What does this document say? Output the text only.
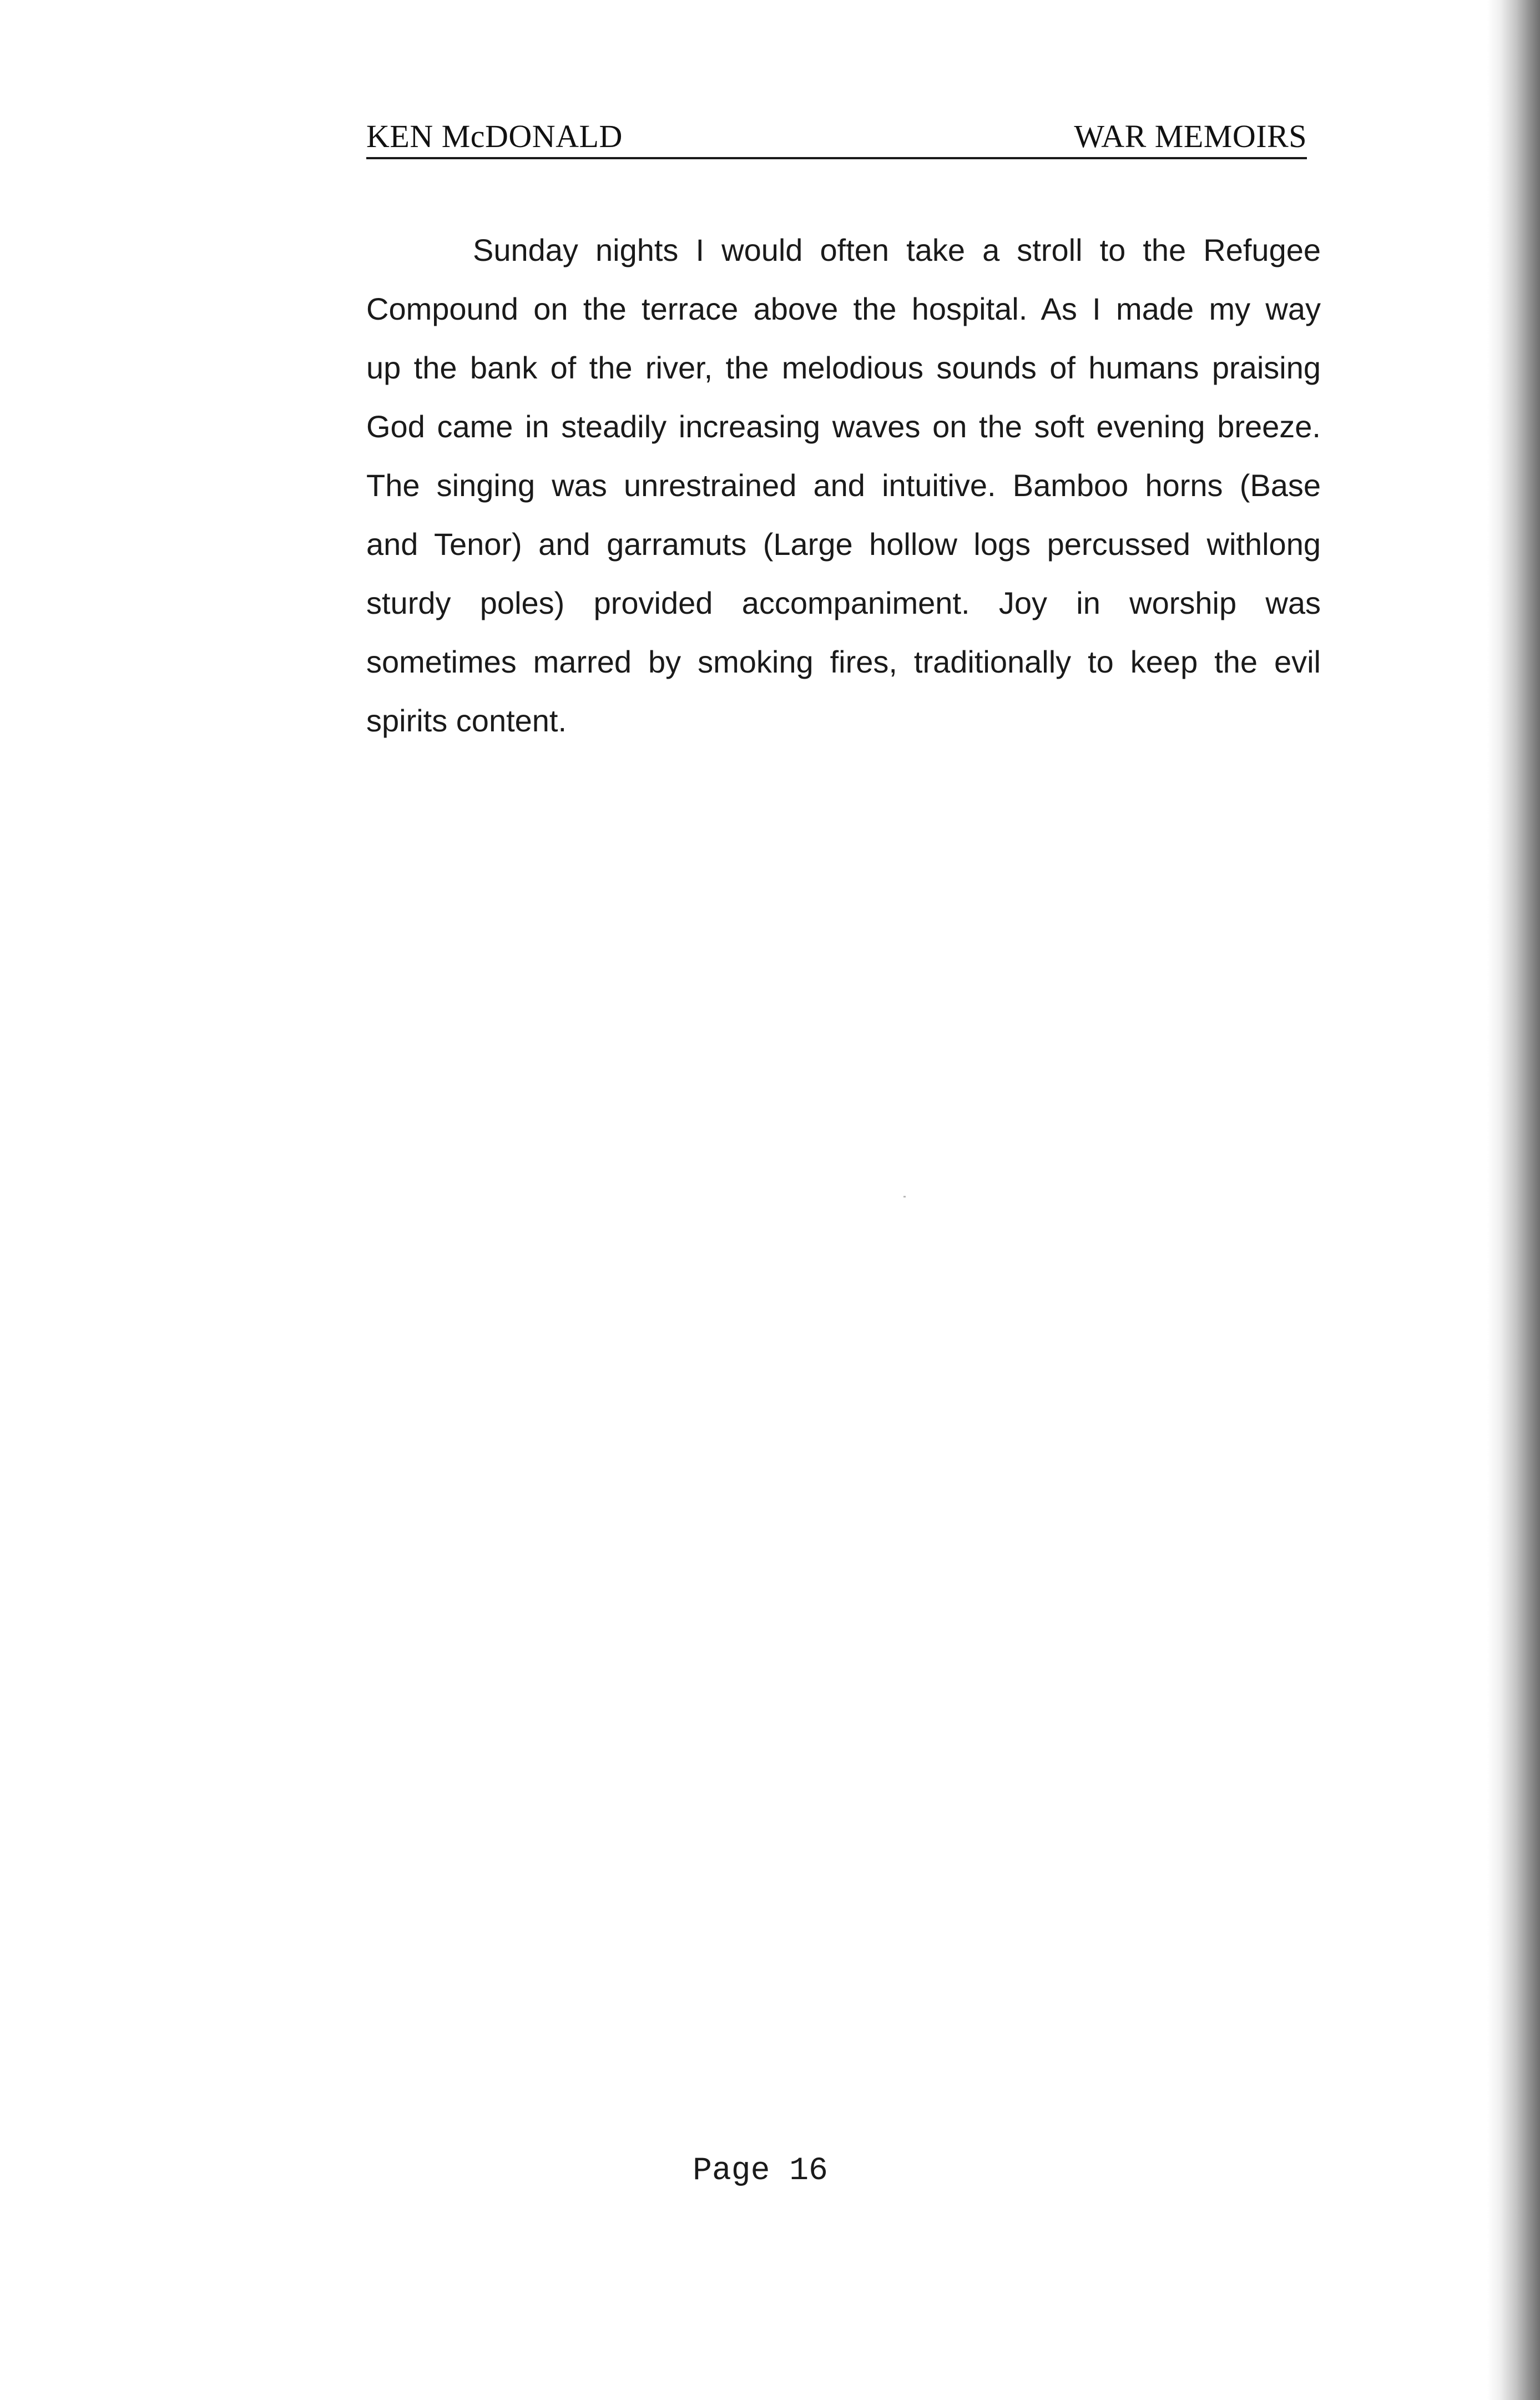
KEN McDONALD	WAR MEMOIRS
Sunday nights I would often take a stroll to the Refugee
Compound on the terrace above the hospital. As I made my way
up the bank of the river, the melodious sounds of humans praising
God came in steadily increasing waves on the soft evening breeze.
The singing was unrestrained and intuitive. Bamboo horns (Base
and Tenor) and garramuts (Large hollow logs percussed withlong
sturdy poles) provided accompaniment. Joy in worship was
sometimes marred by smoking fires, traditionally to keep the evil
spirits content.
Page 16
